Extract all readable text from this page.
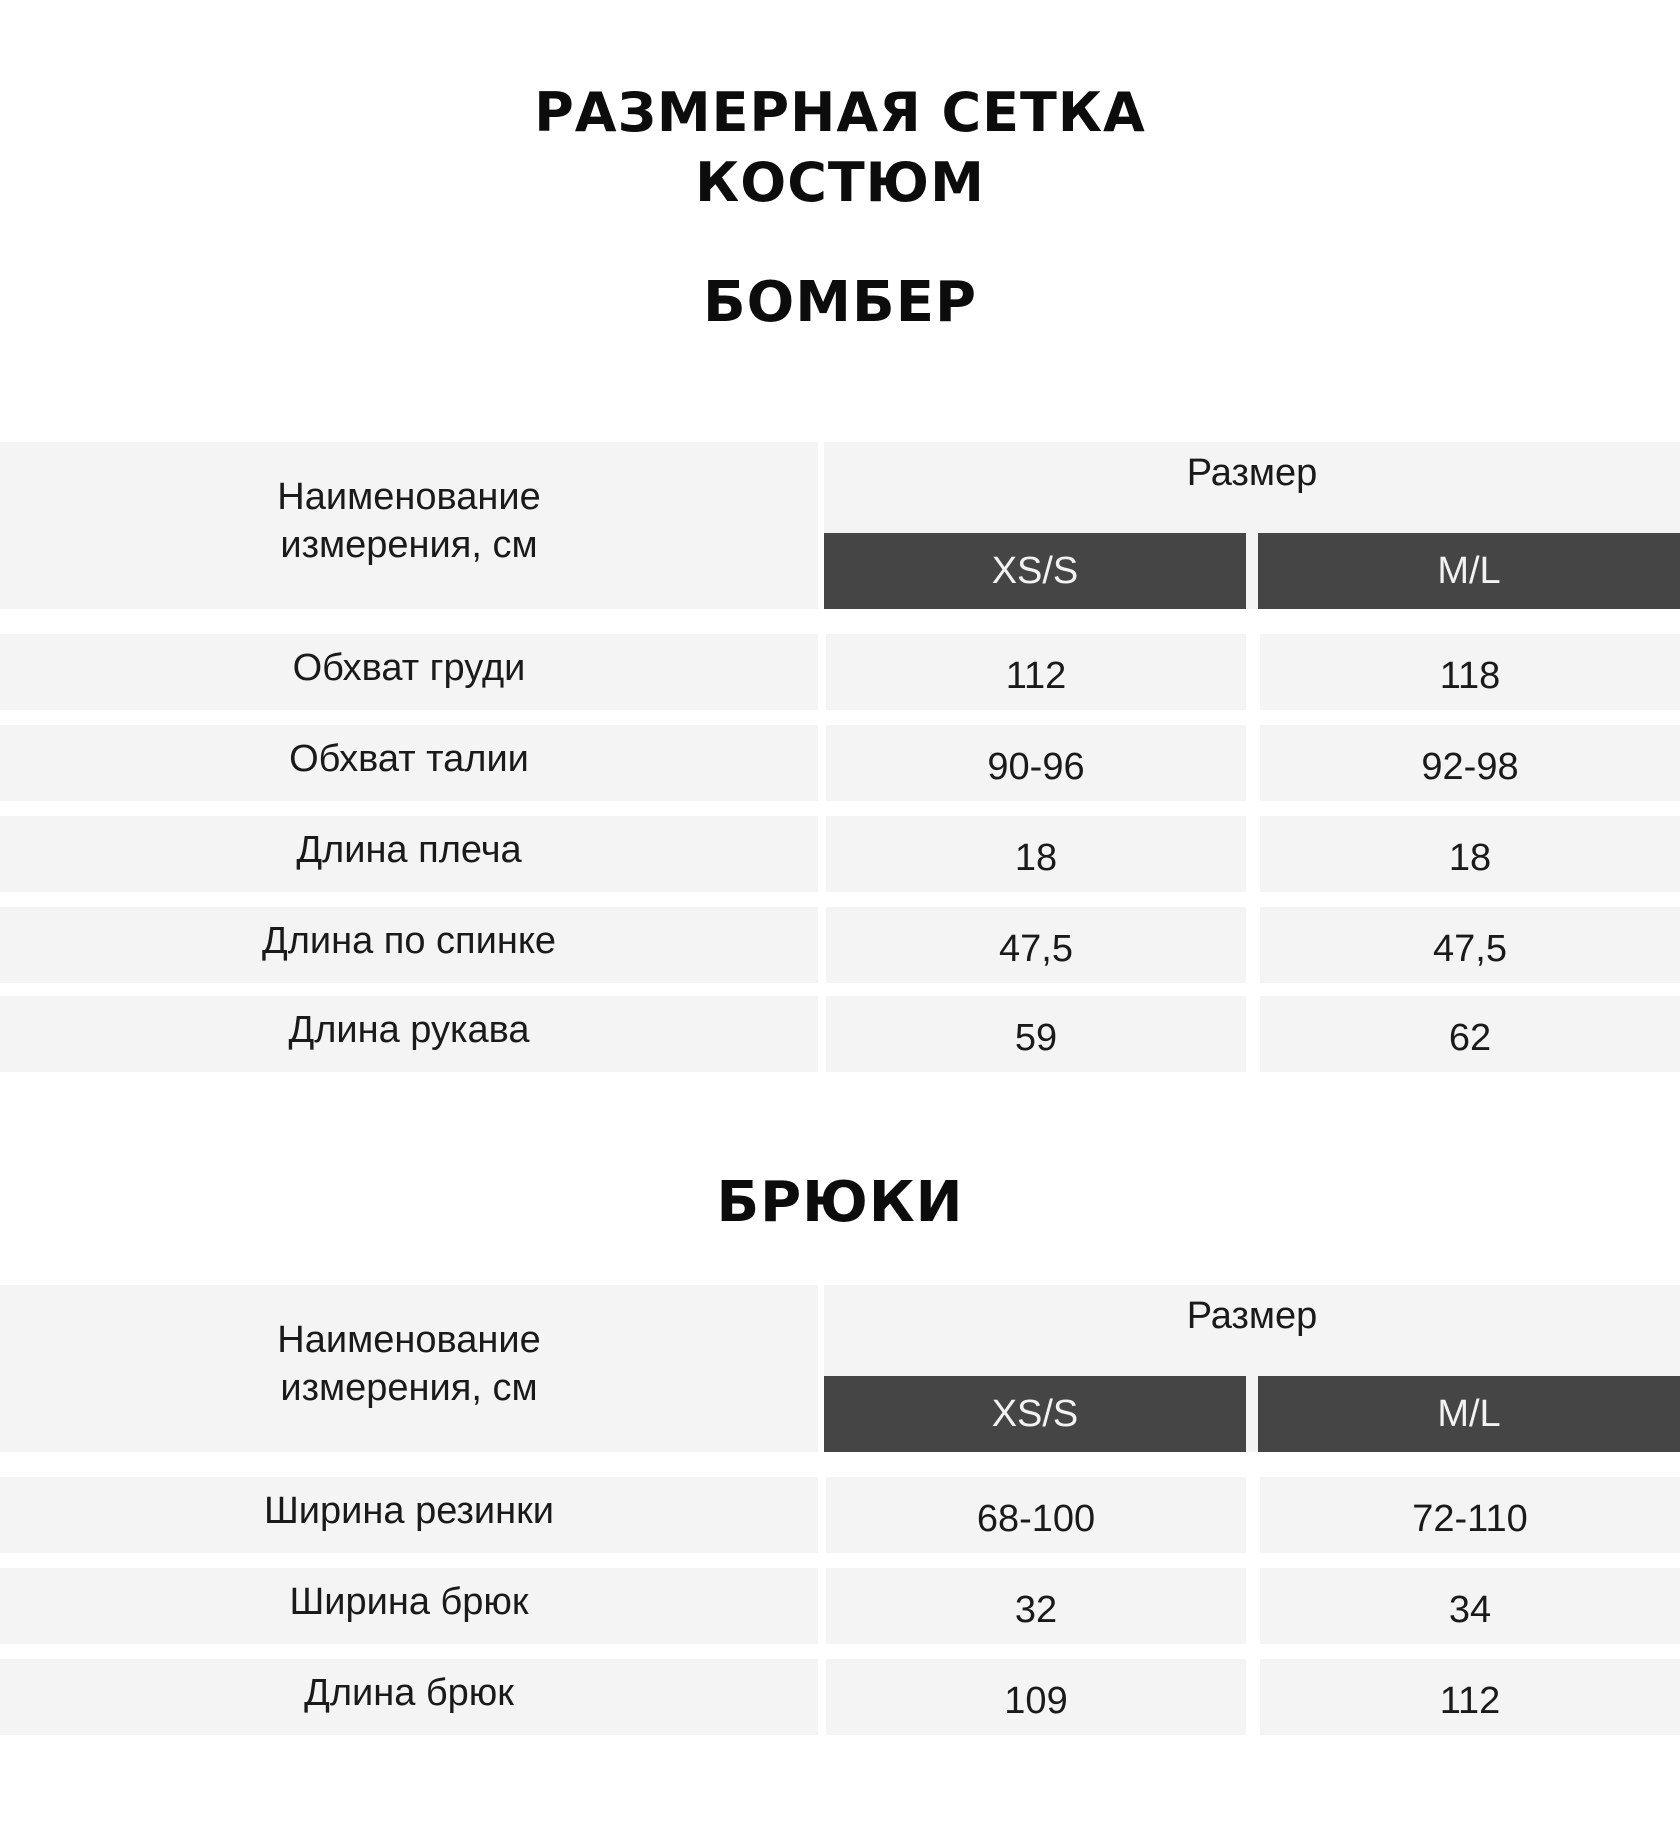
РАЗМЕРНАЯ СЕТКА
КОСТЮМ
БОМБЕР
Наименование
измерения, см
Размер
XS/S	M/L
Обхват груди	112	118
Обхват талии	90-96	92-98
Длина плеча	18	18
Длина по спинке	47,5	47,5
Длина рукава	59	62
БРЮКИ
Наименование
измерения, см
Размер
XS/S	M/L
Ширина резинки	68-100	72-110
Ширина брюк	32	34
Длина брюк	109	112
